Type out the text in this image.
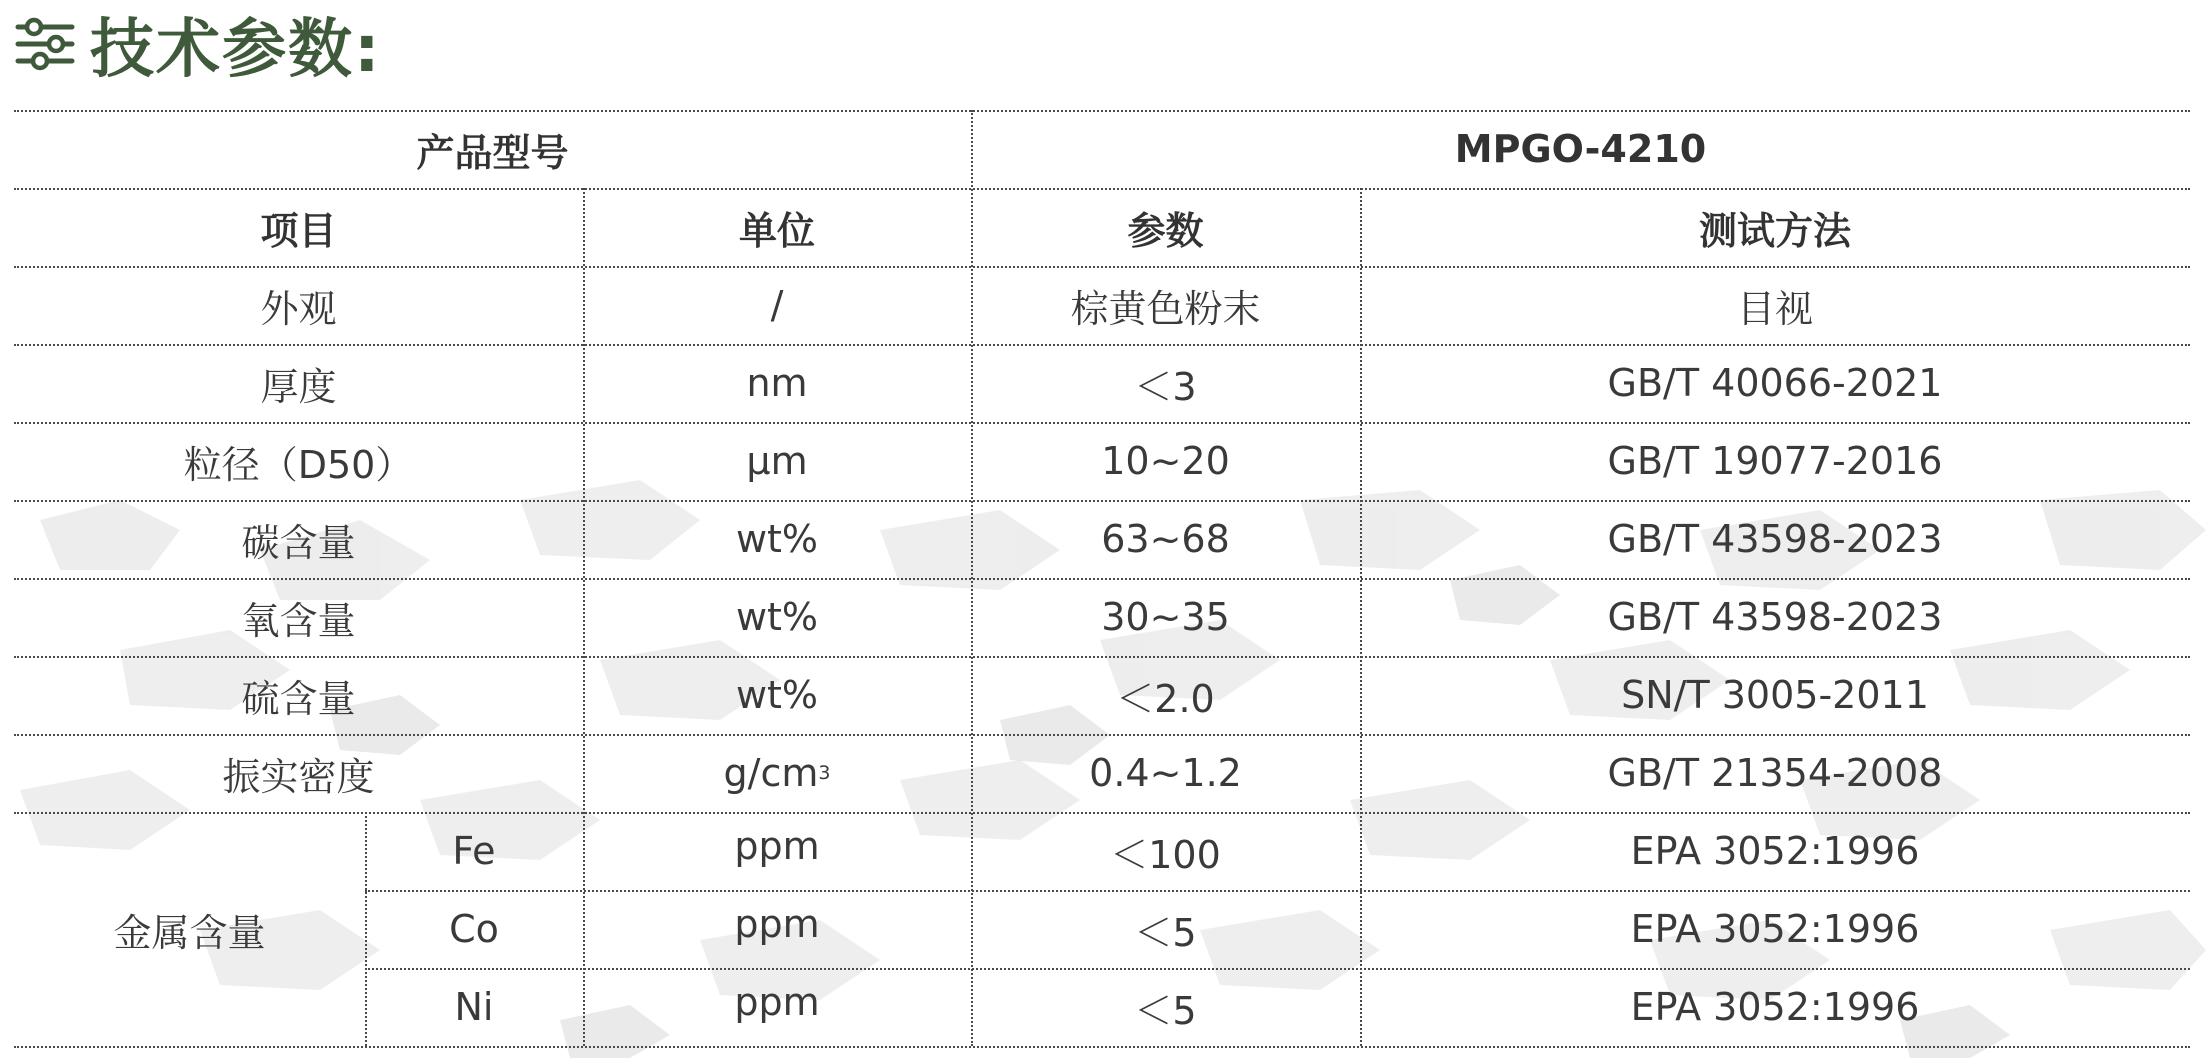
技术参数:
产品型号	MPGO-4210
项目	单位	参数	测试方法
外观	/	棕黄色粉末	目视
厚度	nm	＜3	GB/T 40066-2021
粒径（D50）	μm	10~20	GB/T 19077-2016
碳含量	wt%	63~68	GB/T 43598-2023
氧含量	wt%	30~35	GB/T 43598-2023
硫含量	wt%	＜2.0	SN/T 3005-2011
振实密度	g/cm 3	0.4~1.2	GB/T 21354-2008
金属含量
Fe	ppm	＜100	EPA 3052:1996
Co	ppm	＜5	EPA 3052:1996
Ni	ppm	＜5	EPA 3052:1996
